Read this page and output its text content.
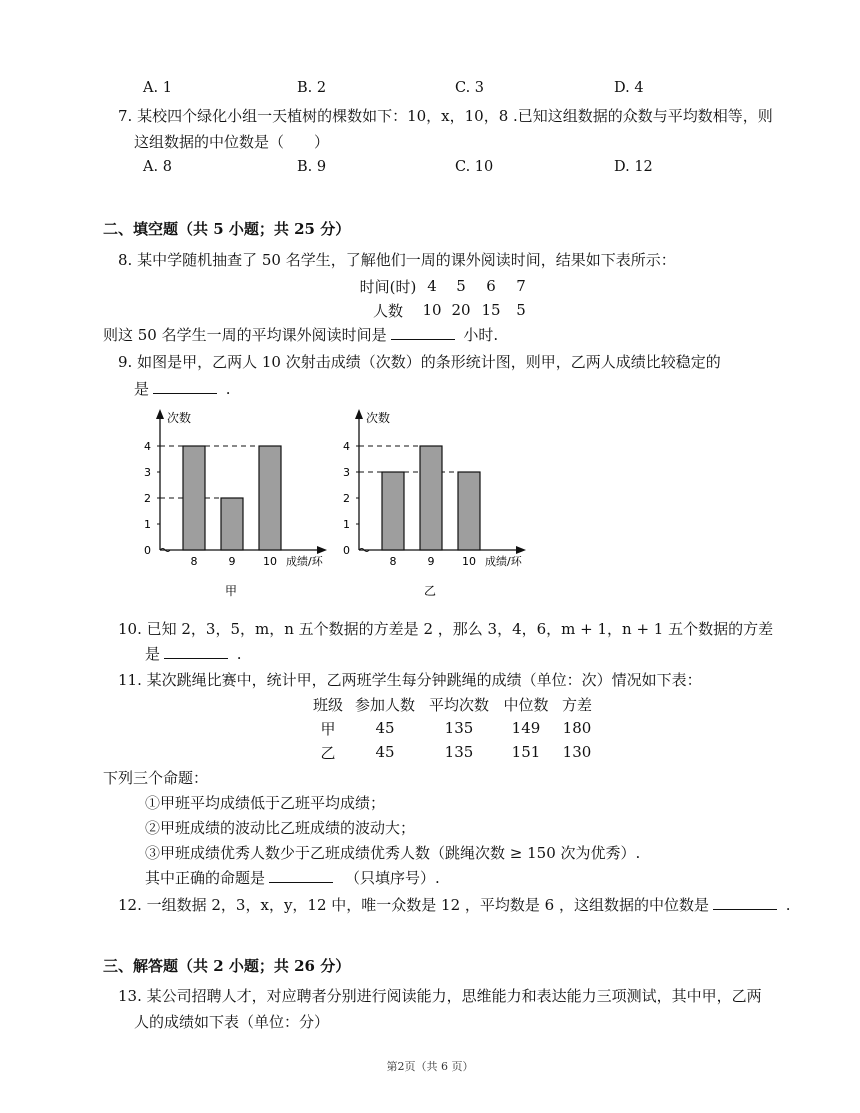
A. 1	B. 2	C. 3	D. 4
7. 某校四个绿化小组一天植树的棵数如下：10，x，10，8 .已知这组数据的众数与平均数相等，则
这组数据的中位数是（　　）
A. 8	B. 9	C. 10	D. 12
二、填空题（共 5 小题；共 25 分）
8. 某中学随机抽查了 50 名学生，了解他们一周的课外阅读时间，结果如下表所示：
时间(时)	4	5	6	7
人数	10	20	15	5
则这 50 名学生一周的平均课外阅读时间是	小时.
9. 如图是甲，乙两人 10 次射击成绩（次数）的条形统计图，则甲，乙两人成绩比较稳定的
是	.
次数
成绩/环
0
1
2
3
4
8	9	10
甲
次数
成绩/环
0
1
2
3
4
8	9	10
乙
10. 已知 2，3，5，m，n 五个数据的方差是 2 ，那么 3，4，6，m + 1，n + 1 五个数据的方差
是	.
11. 某次跳绳比赛中，统计甲，乙两班学生每分钟跳绳的成绩（单位：次）情况如下表：
班级	参加人数	平均次数	中位数	方差
甲	45	135	149	180
乙	45	135	151	130
下列三个命题：
①甲班平均成绩低于乙班平均成绩；
②甲班成绩的波动比乙班成绩的波动大；
③甲班成绩优秀人数少于乙班成绩优秀人数（跳绳次数 ≥ 150 次为优秀）.
其中正确的命题是	（只填序号）.
12. 一组数据 2，3，x，y，12 中，唯一众数是 12 ，平均数是 6 ，这组数据的中位数是	.
三、解答题（共 2 小题；共 26 分）
13. 某公司招聘人才，对应聘者分别进行阅读能力，思维能力和表达能力三项测试，其中甲，乙两
人的成绩如下表（单位：分）
第2页（共 6 页）
